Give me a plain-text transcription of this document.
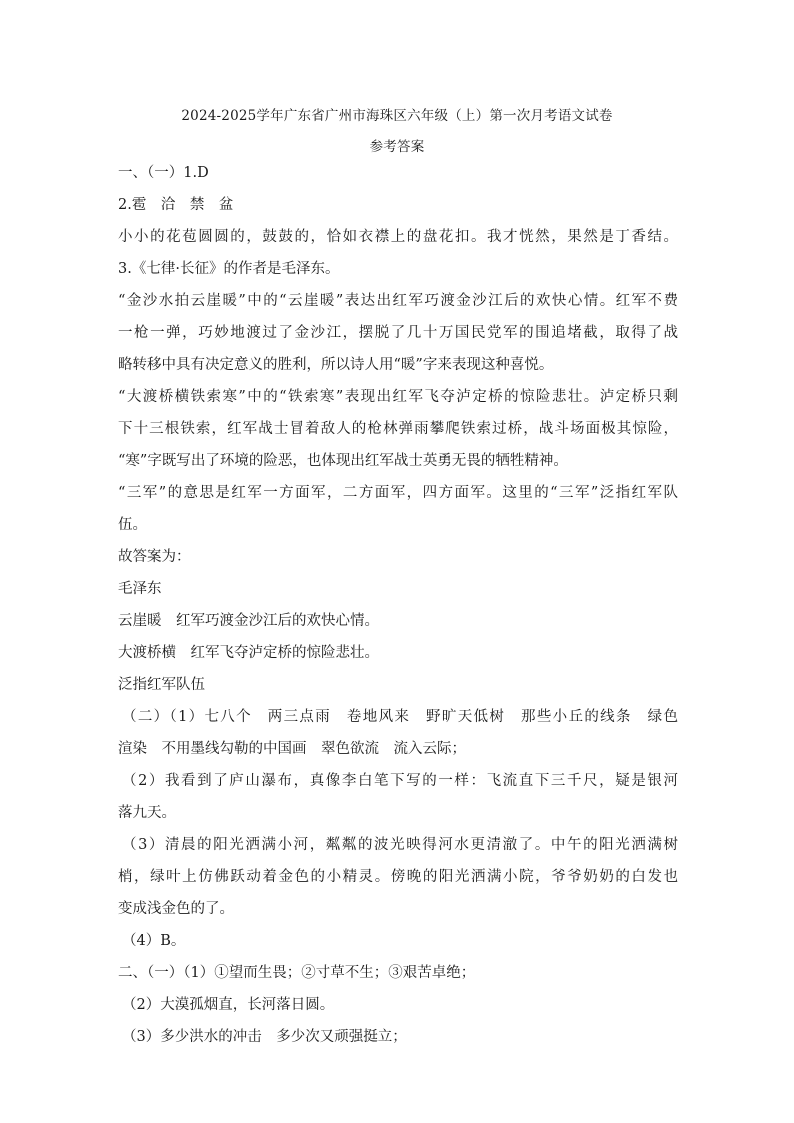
2024-2025学年广东省广州市海珠区六年级（上）第一次月考语文试卷
参考答案
一、（一）1.D
2.雹　洽　禁　盆
小小的花苞圆圆的，鼓鼓的，恰如衣襟上的盘花扣。我才恍然，果然是丁香结。
3.《七律·长征》的作者是毛泽东。
“金沙水拍云崖暖”中的“云崖暖”表达出红军巧渡金沙江后的欢快心情。红军不费
一枪一弹，巧妙地渡过了金沙江，摆脱了几十万国民党军的围追堵截，取得了战
略转移中具有决定意义的胜利，所以诗人用“暖”字来表现这种喜悦。
“大渡桥横铁索寒”中的“铁索寒”表现出红军飞夺泸定桥的惊险悲壮。泸定桥只剩
下十三根铁索，红军战士冒着敌人的枪林弹雨攀爬铁索过桥，战斗场面极其惊险，
“寒”字既写出了环境的险恶，也体现出红军战士英勇无畏的牺牲精神。
“三军”的意思是红军一方面军，二方面军，四方面军。这里的“三军”泛指红军队
伍。
故答案为：
毛泽东
云崖暖　红军巧渡金沙江后的欢快心情。
大渡桥横　红军飞夺泸定桥的惊险悲壮。
泛指红军队伍
（二）（1）七八个　两三点雨　卷地风来　野旷天低树　那些小丘的线条　绿色
渲染　不用墨线勾勒的中国画　翠色欲流　流入云际；
（2）我看到了庐山瀑布，真像李白笔下写的一样：飞流直下三千尺，疑是银河
落九天。
（3）清晨的阳光洒满小河，粼粼的波光映得河水更清澈了。中午的阳光洒满树
梢，绿叶上仿佛跃动着金色的小精灵。傍晚的阳光洒满小院，爷爷奶奶的白发也
变成浅金色的了。
（4）B。
二、（一）（1）①望而生畏；②寸草不生；③艰苦卓绝；
（2）大漠孤烟直，长河落日圆。
（3）多少洪水的冲击　多少次又顽强挺立；
